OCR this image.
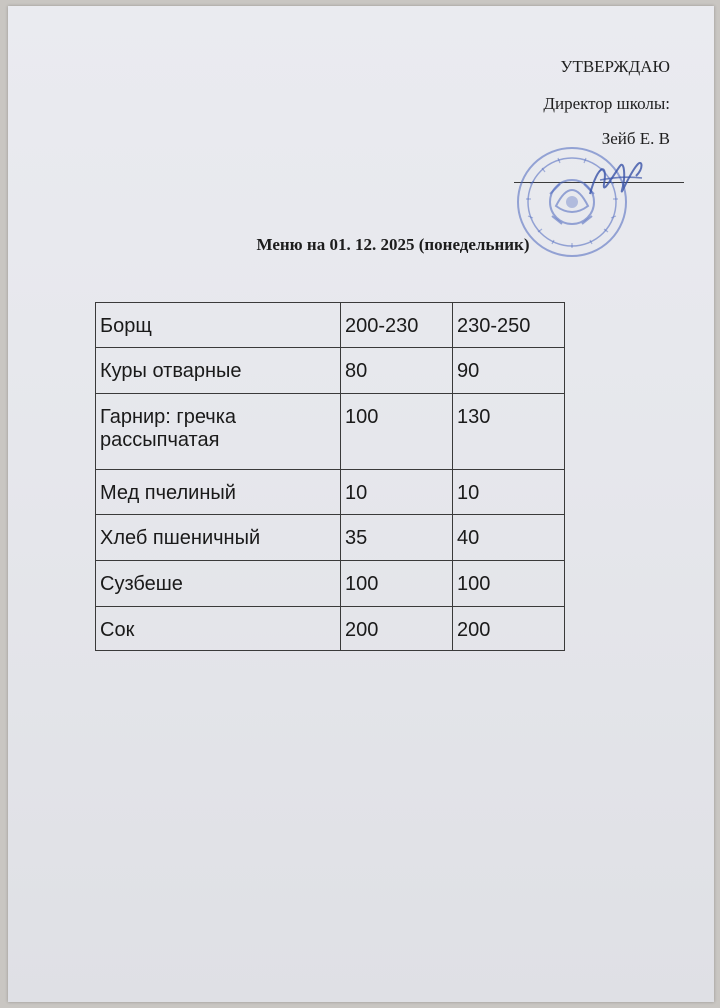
УТВЕРЖДАЮ
Директор школы:
Зейб Е. В
Меню на 01. 12. 2025 (понедельник)
Борщ	200-230	230-250
Куры отварные	80	90
Гарнир: гречка рассыпчатая	100	130
Мед пчелиный	10	10
Хлеб пшеничный	35	40
Сузбеше	100	100
Сок	200	200
